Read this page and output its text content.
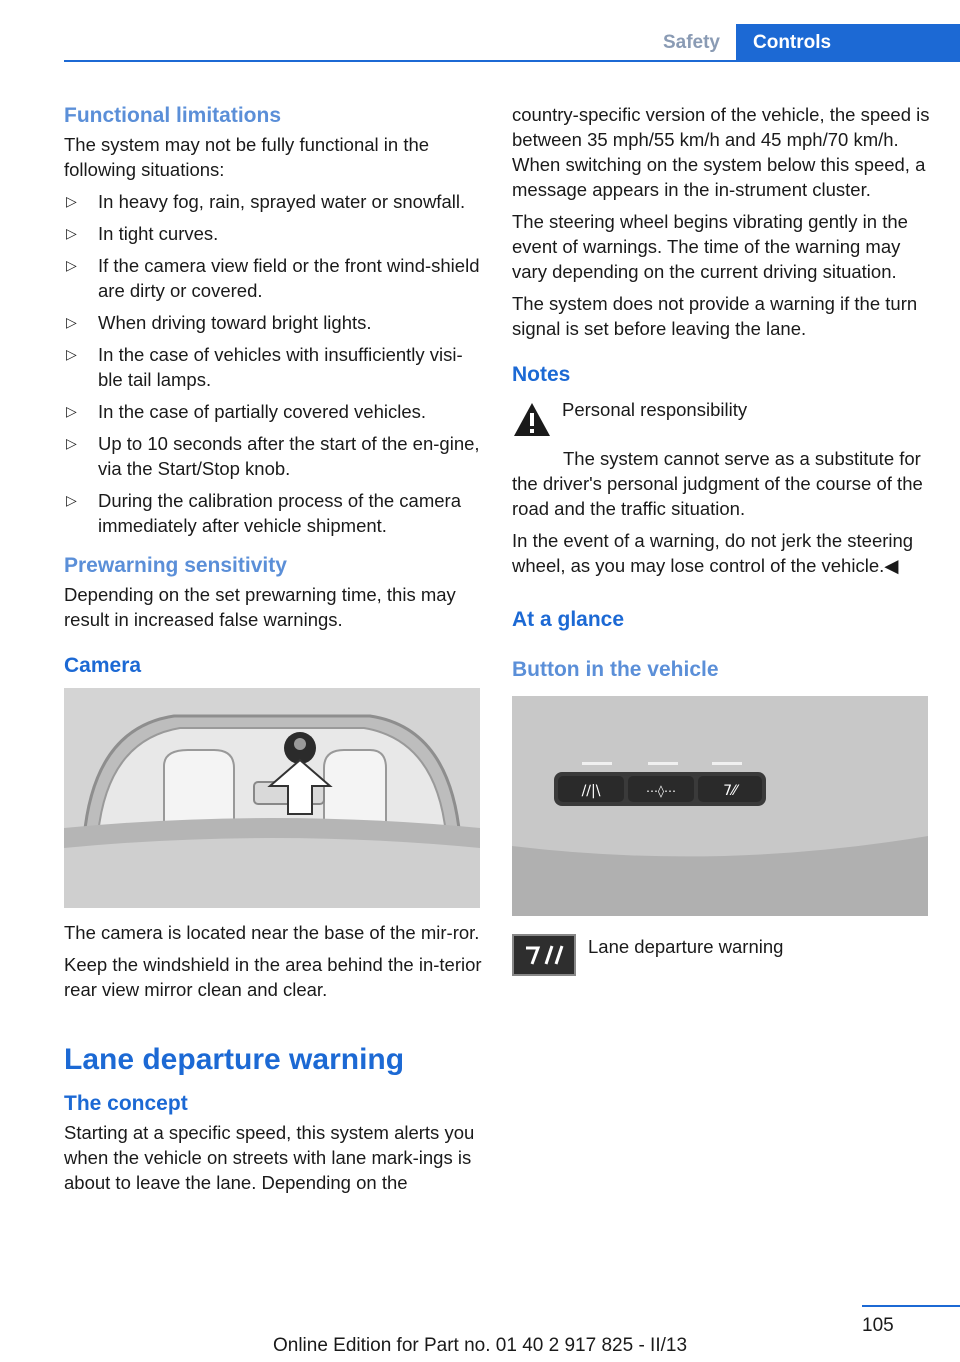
Safety	Controls
Functional limitations
The system may not be fully functional in the following situations:
▷ In heavy fog, rain, sprayed water or snowfall.
▷ In tight curves.
▷ If the camera view field or the front wind-shield are dirty or covered.
▷ When driving toward bright lights.
▷ In the case of vehicles with insufficiently visi-ble tail lamps.
▷ In the case of partially covered vehicles.
▷ Up to 10 seconds after the start of the en-gine, via the Start/Stop knob.
▷ During the calibration process of the camera immediately after vehicle shipment.
Prewarning sensitivity
Depending on the set prewarning time, this may result in increased false warnings.
Camera
The camera is located near the base of the mir-ror.
Keep the windshield in the area behind the in-terior rear view mirror clean and clear.
Lane departure warning
The concept
Starting at a specific speed, this system alerts you when the vehicle on streets with lane mark-ings is about to leave the lane. Depending on the
country-specific version of the vehicle, the speed is between 35 mph/55 km/h and 45 mph/70 km/h. When switching on the system below this speed, a message appears in the in-strument cluster.
The steering wheel begins vibrating gently in the event of warnings. The time of the warning may vary depending on the current driving situation.
The system does not provide a warning if the turn signal is set before leaving the lane.
Notes
Personal responsibility
The system cannot serve as a substitute for the driver's personal judgment of the course of the road and the traffic situation.
In the event of a warning, do not jerk the steering wheel, as you may lose control of the vehicle.◀
At a glance
Button in the vehicle
/∕|\	⋯◊⋯	7⁄⁄
Lane departure warning
105
Online Edition for Part no. 01 40 2 917 825 - II/13
